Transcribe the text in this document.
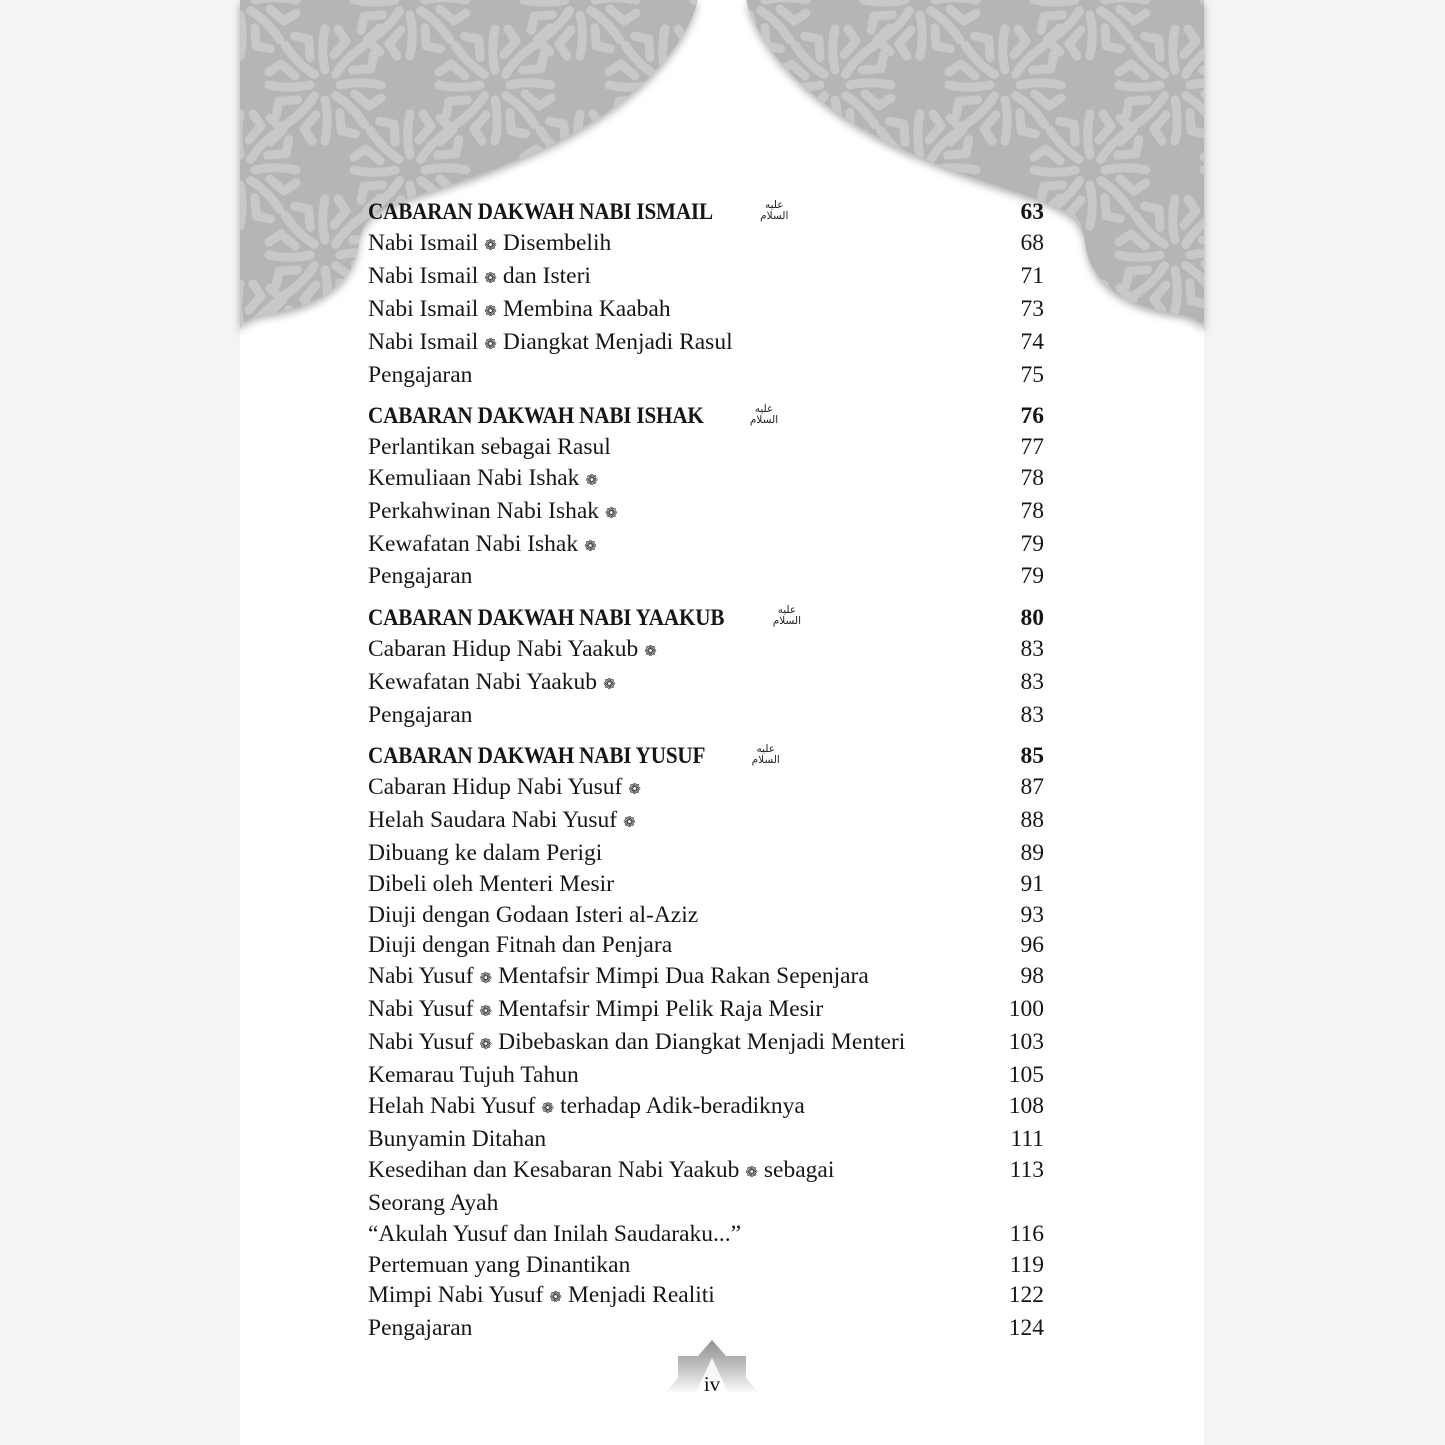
CABARAN DAKWAH NABI ISMAIL	عليه السلام	63
Nabi Ismail ❁ Disembelih	68
Nabi Ismail ❁ dan Isteri	71
Nabi Ismail ❁ Membina Kaabah	73
Nabi Ismail ❁ Diangkat Menjadi Rasul	74
Pengajaran	75
CABARAN DAKWAH NABI ISHAK	عليه السلام	76
Perlantikan sebagai Rasul	77
Kemuliaan Nabi Ishak ❁	78
Perkahwinan Nabi Ishak ❁	78
Kewafatan Nabi Ishak ❁	79
Pengajaran	79
CABARAN DAKWAH NABI YAAKUB	عليه السلام	80
Cabaran Hidup Nabi Yaakub ❁	83
Kewafatan Nabi Yaakub ❁	83
Pengajaran	83
CABARAN DAKWAH NABI YUSUF	عليه السلام	85
Cabaran Hidup Nabi Yusuf ❁	87
Helah Saudara Nabi Yusuf ❁	88
Dibuang ke dalam Perigi	89
Dibeli oleh Menteri Mesir	91
Diuji dengan Godaan Isteri al-Aziz	93
Diuji dengan Fitnah dan Penjara	96
Nabi Yusuf ❁ Mentafsir Mimpi Dua Rakan Sepenjara	98
Nabi Yusuf ❁ Mentafsir Mimpi Pelik Raja Mesir	100
Nabi Yusuf ❁ Dibebaskan dan Diangkat Menjadi Menteri	103
Kemarau Tujuh Tahun	105
Helah Nabi Yusuf ❁ terhadap Adik-beradiknya	108
Bunyamin Ditahan	111
Kesedihan dan Kesabaran Nabi Yaakub ❁ sebagai	113
Seorang Ayah
“Akulah Yusuf dan Inilah Saudaraku...”	116
Pertemuan yang Dinantikan	119
Mimpi Nabi Yusuf ❁ Menjadi Realiti	122
Pengajaran	124
iv
